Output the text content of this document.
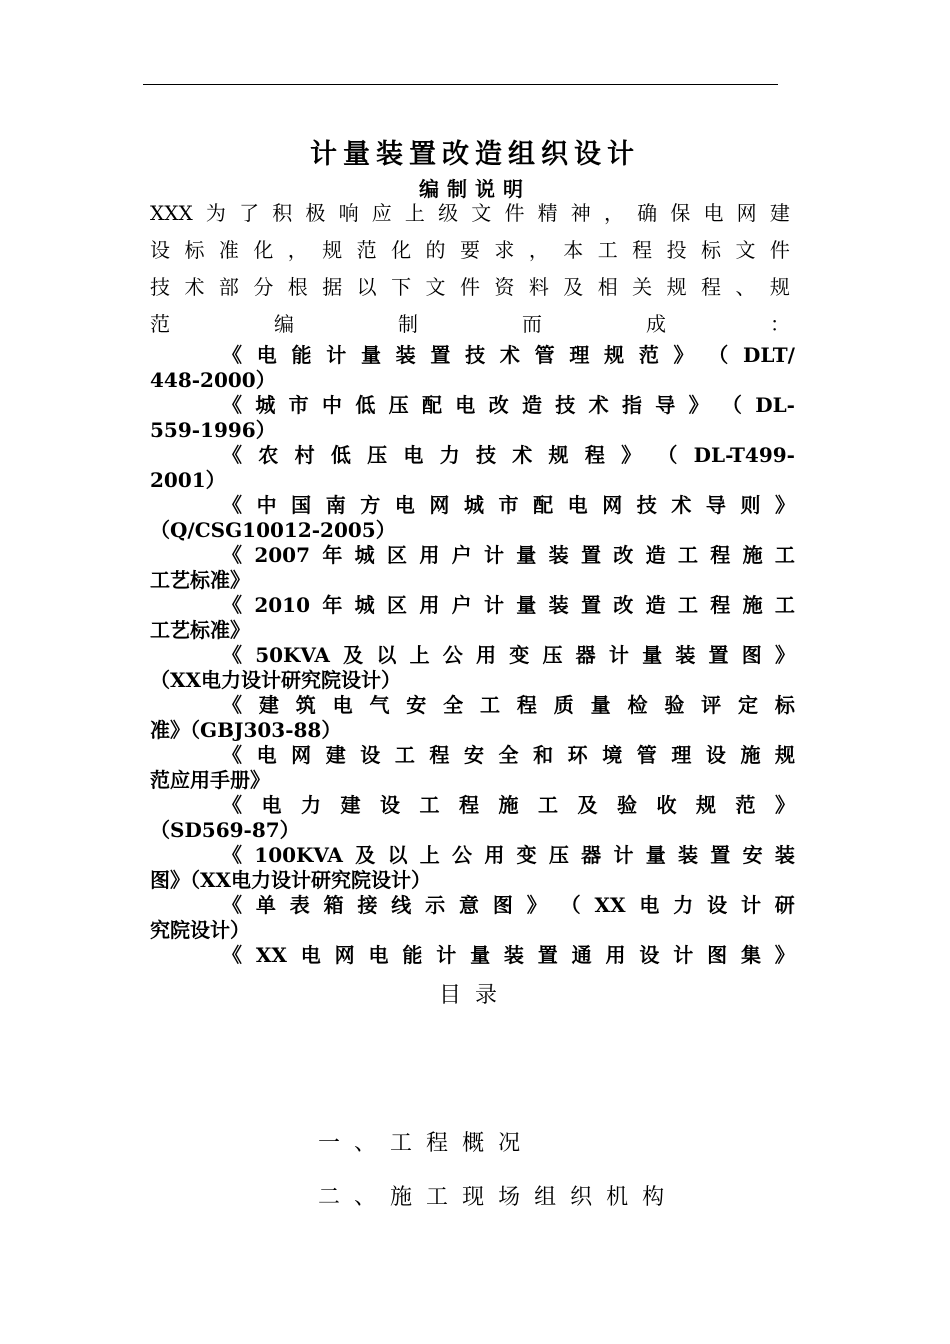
计量装置改造组织设计
编制说明
XXX 为 了 积 极 响 应 上 级 文 件 精 神 ， 确 保 电 网 建
设 标 准 化 ， 规 范 化 的 要 求 ， 本 工 程 投 标 文 件
技 术 部 分 根 据 以 下 文 件 资 料 及 相 关 规 程 、 规
范	编	制	而	成	：
《 电 能 计 量 装 置 技 术 管 理 规 范 》 （ DLT/
448-2000）
《 城 市 中 低 压 配 电 改 造 技 术 指 导 》 （ DL-
559-1996）
《 农 村 低 压 电 力 技 术 规 程 》 （ DL-T499-
2001）
《 中 国 南 方 电 网 城 市 配 电 网 技 术 导 则 》
（Q/CSG10012-2005）
《 2007 年 城 区 用 户 计 量 装 置 改 造 工 程 施 工
工艺标准》
《 2010 年 城 区 用 户 计 量 装 置 改 造 工 程 施 工
工艺标准》
《 50KVA 及 以 上 公 用 变 压 器 计 量 装 置 图 》
（XX电力设计研究院设计）
《 建 筑 电 气 安 全 工 程 质 量 检 验 评 定 标
准》（GBJ303-88）
《 电 网 建 设 工 程 安 全 和 环 境 管 理 设 施 规
范应用手册》
《 电 力 建 设 工 程 施 工 及 验 收 规 范 》
（SD569-87）
《 100KVA 及 以 上 公 用 变 压 器 计 量 装 置 安 装
图》（XX电力设计研究院设计）
《 单 表 箱 接 线 示 意 图 》 （ XX 电 力 设 计 研
究院设计）
《 XX 电 网 电 能 计 量 装 置 通 用 设 计 图 集 》
目录
一 、 工 程 概 况
二 、 施 工 现 场 组 织 机 构
